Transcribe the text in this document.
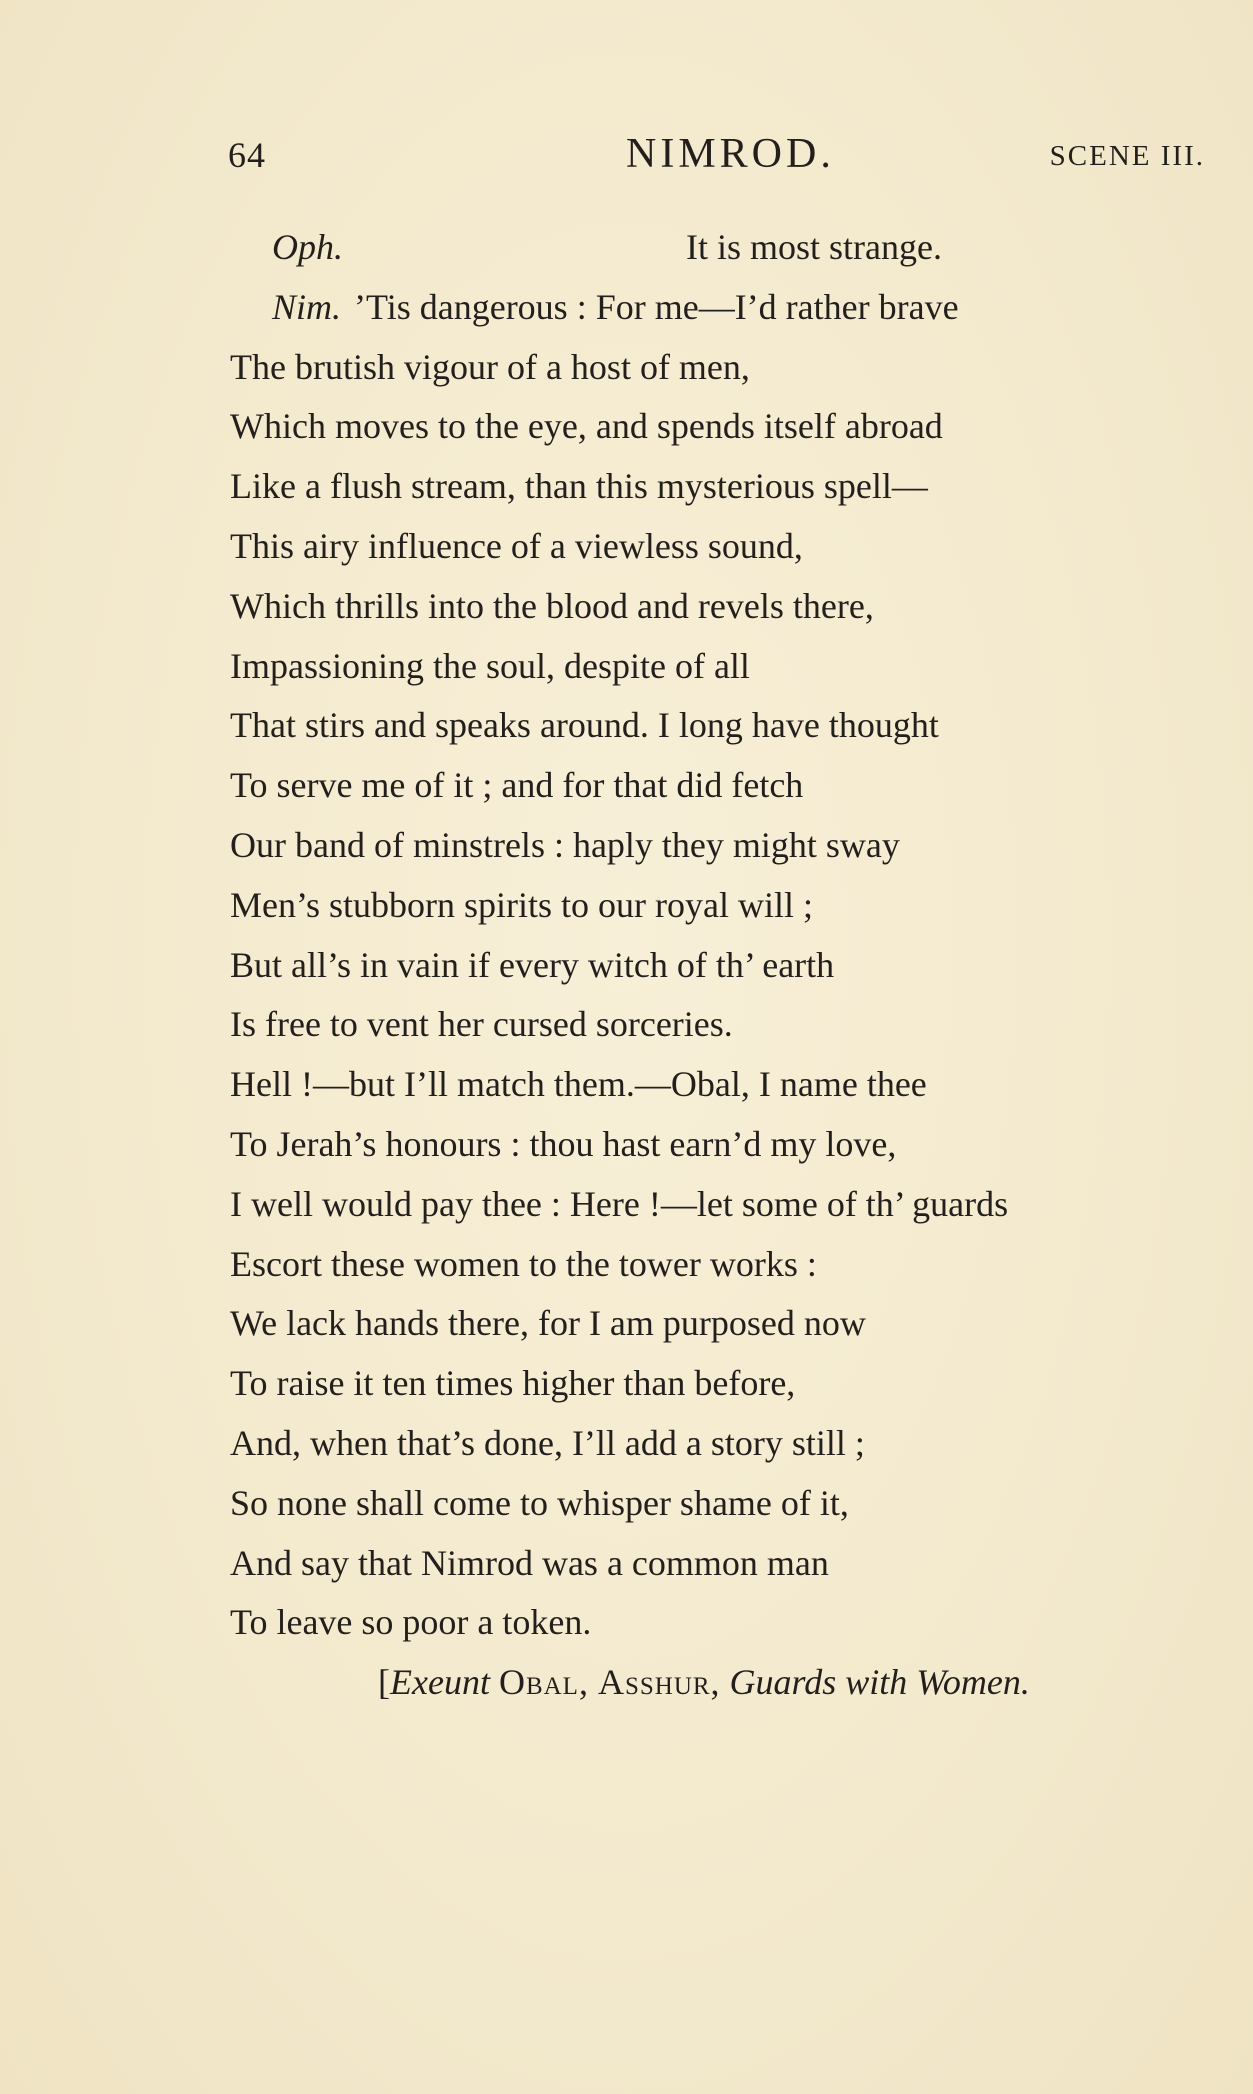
64	NIMROD.	SCENE III.
Oph.	It is most strange.
Nim. ’Tis dangerous : For me—I’d rather brave
The brutish vigour of a host of men,
Which moves to the eye, and spends itself abroad
Like a flush stream, than this mysterious spell—
This airy influence of a viewless sound,
Which thrills into the blood and revels there,
Impassioning the soul, despite of all
That stirs and speaks around. I long have thought
To serve me of it ; and for that did fetch
Our band of minstrels : haply they might sway
Men’s stubborn spirits to our royal will ;
But all’s in vain if every witch of th’ earth
Is free to vent her cursed sorceries.
Hell !—but I’ll match them.—Obal, I name thee
To Jerah’s honours : thou hast earn’d my love,
I well would pay thee : Here !—let some of th’ guards
Escort these women to the tower works :
We lack hands there, for I am purposed now
To raise it ten times higher than before,
And, when that’s done, I’ll add a story still ;
So none shall come to whisper shame of it,
And say that Nimrod was a common man
To leave so poor a token.
[Exeunt Obal, Asshur, Guards with Women.
